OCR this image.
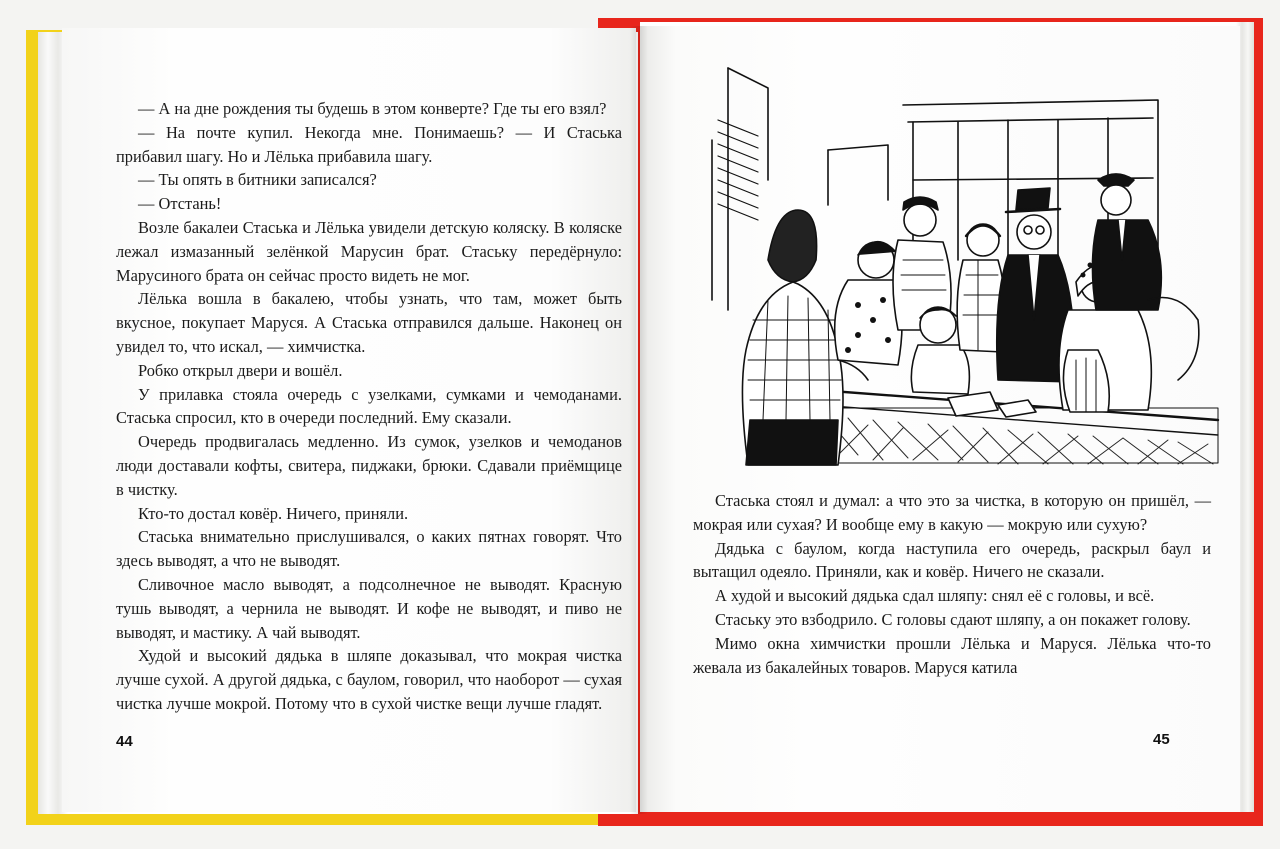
— А на дне рождения ты будешь в этом конверте? Где ты его взял?

— На почте купил. Некогда мне. Понимаешь? — И Стаська прибавил шагу. Но и Лёлька прибавила шагу.

— Ты опять в битники записался?

— Отстань!

Возле бакалеи Стаська и Лёлька увидели детскую коляску. В коляске лежал измазанный зелёнкой Марусин брат. Стаську передёрнуло: Марусиного брата он сейчас просто видеть не мог.

Лёлька вошла в бакалею, чтобы узнать, что там, может быть вкусное, покупает Маруся. А Стаська отправился дальше. Наконец он увидел то, что искал, — химчистка.

Робко открыл двери и вошёл.

У прилавка стояла очередь с узелками, сумками и чемоданами. Стаська спросил, кто в очереди последний. Ему сказали.

Очередь продвигалась медленно. Из сумок, узелков и чемоданов люди доставали кофты, свитера, пиджаки, брюки. Сдавали приёмщице в чистку.

Кто-то достал ковёр. Ничего, приняли.

Стаська внимательно прислушивался, о каких пятнах говорят. Что здесь выводят, а что не выводят.

Сливочное масло выводят, а подсолнечное не выводят. Красную тушь выводят, а чернила не выводят. И кофе не выводят, и пиво не выводят, и мастику. А чай выводят.

Худой и высокий дядька в шляпе доказывал, что мокрая чистка лучше сухой. А другой дядька, с баулом, говорил, что наоборот — сухая чистка лучше мокрой. Потому что в сухой чистке вещи лучше гладят.

44

Стаська стоял и думал: а что это за чистка, в которую он пришёл, — мокрая или сухая? И вообще ему в какую — мокрую или сухую?

Дядька с баулом, когда наступила его очередь, раскрыл баул и вытащил одеяло. Приняли, как и ковёр. Ничего не сказали.

А худой и высокий дядька сдал шляпу: снял её с головы, и всё.

Стаську это взбодрило. С головы сдают шляпу, а он покажет голову.

Мимо окна химчистки прошли Лёлька и Маруся. Лёлька что-то жевала из бакалейных товаров. Маруся катила

45
